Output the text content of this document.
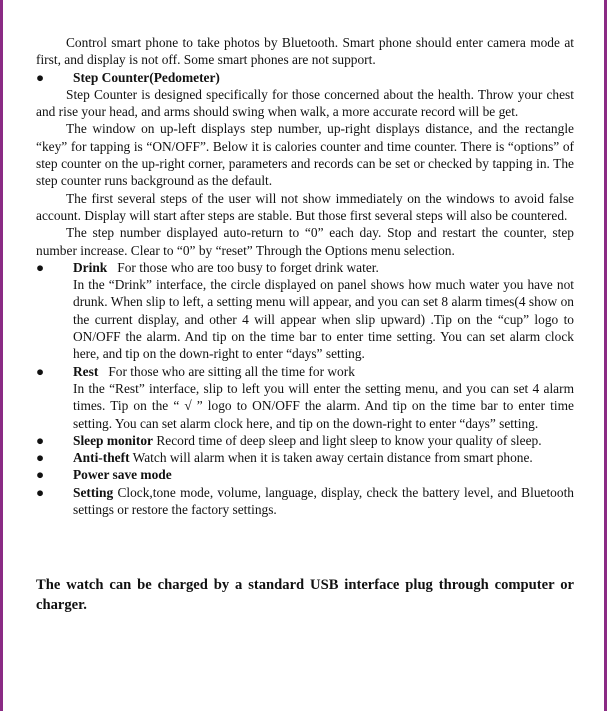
Control smart phone to take photos by Bluetooth. Smart phone should enter camera mode at first, and display is not off. Some smart phones are not support.

●	Step Counter(Pedometer)

Step Counter is designed specifically for those concerned about the health. Throw your chest and rise your head, and arms should swing when walk, a more accurate record will be get.

The window on up-left displays step number, up-right displays distance, and the rectangle “key” for tapping is “ON/OFF”. Below it is calories counter and time counter. There is “options” of step counter on the up-right corner, parameters and records can be set or checked by tapping in. The step counter runs background as the default.

The first several steps of the user will not show immediately on the windows to avoid false account. Display will start after steps are stable. But those first several steps will also be countered.

The step number displayed auto-return to “0” each day. Stop and restart the counter, step number increase. Clear to “0” by “reset” Through the Options menu selection.

●	Drink For those who are too busy to forget drink water.

In the “Drink” interface, the circle displayed on panel shows how much water you have not drunk. When slip to left, a setting menu will appear, and you can set 8 alarm times(4 show on the current display, and other 4 will appear when slip upward) .Tip on the “cup” logo to ON/OFF the alarm. And tip on the time bar to enter time setting. You can set alarm clock here, and tip on the down-right to enter “days” setting.

●	Rest For those who are sitting all the time for work

In the “Rest” interface, slip to left you will enter the setting menu, and you can set 4 alarm times. Tip on the “ √ ” logo to ON/OFF the alarm. And tip on the time bar to enter time setting. You can set alarm clock here, and tip on the down-right to enter “days” setting.

●	Sleep monitor Record time of deep sleep and light sleep to know your quality of sleep.
●	Anti-theft Watch will alarm when it is taken away certain distance from smart phone.
●	Power save mode
●	Setting Clock,tone mode, volume, language, display, check the battery level, and Bluetooth settings or restore the factory settings.

The watch can be charged by a standard USB interface plug through computer or charger.
